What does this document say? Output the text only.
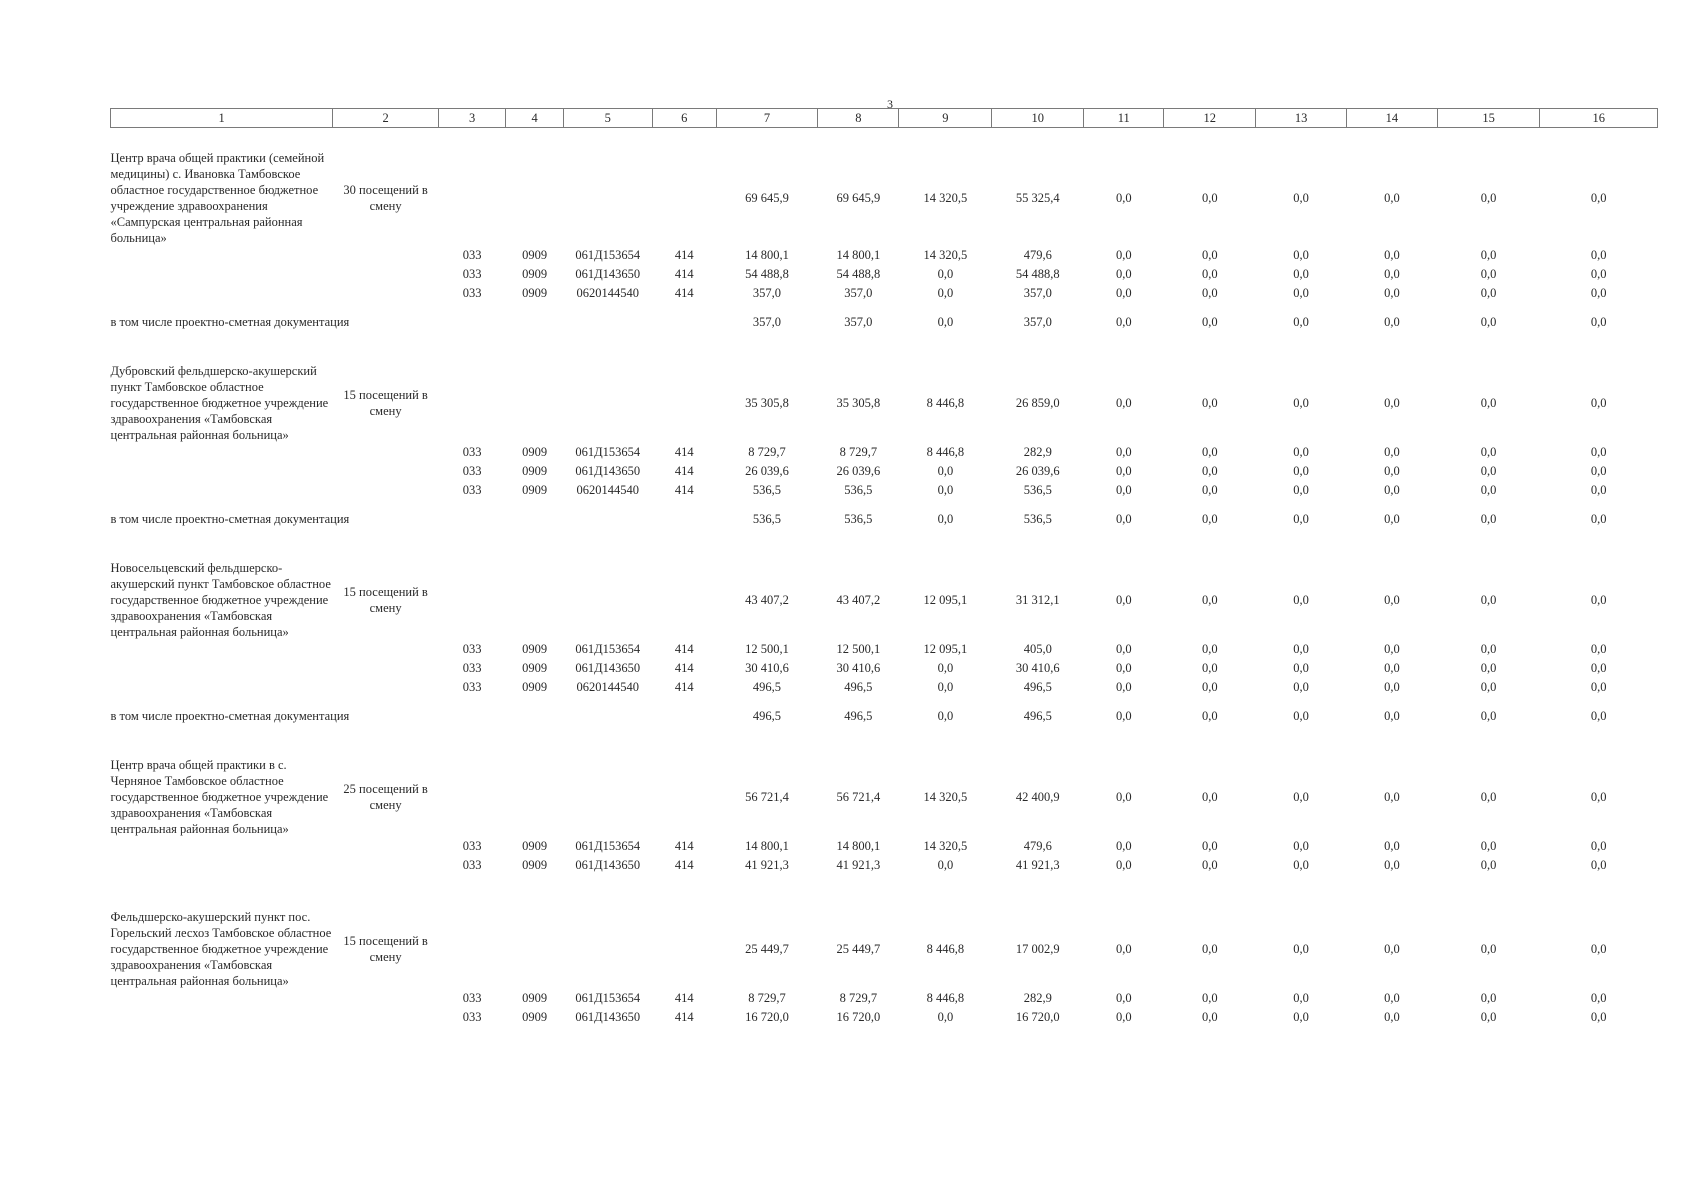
3
1	2	3	4	5	6	7	8	9	10	11	12	13	14	15	16

Центр врача общей практики (семейной медицины) с. Ивановка Тамбовское областное государственное бюджетное учреждение здравоохранения «Сампурская центральная районная больница»	30 посещений в смену					69 645,9	69 645,9	14 320,5	55 325,4	0,0	0,0	0,0	0,0	0,0	0,0
		033	0909	061Д153654	414	14 800,1	14 800,1	14 320,5	479,6	0,0	0,0	0,0	0,0	0,0	0,0
		033	0909	061Д143650	414	54 488,8	54 488,8	0,0	54 488,8	0,0	0,0	0,0	0,0	0,0	0,0
		033	0909	0620144540	414	357,0	357,0	0,0	357,0	0,0	0,0	0,0	0,0	0,0	0,0
в том числе проектно-сметная документация						357,0	357,0	0,0	357,0	0,0	0,0	0,0	0,0	0,0	0,0

Дубровский фельдшерско-акушерский пункт Тамбовское областное государственное бюджетное учреждение здравоохранения «Тамбовская центральная районная больница»	15 посещений в смену					35 305,8	35 305,8	8 446,8	26 859,0	0,0	0,0	0,0	0,0	0,0	0,0
		033	0909	061Д153654	414	8 729,7	8 729,7	8 446,8	282,9	0,0	0,0	0,0	0,0	0,0	0,0
		033	0909	061Д143650	414	26 039,6	26 039,6	0,0	26 039,6	0,0	0,0	0,0	0,0	0,0	0,0
		033	0909	0620144540	414	536,5	536,5	0,0	536,5	0,0	0,0	0,0	0,0	0,0	0,0
в том числе проектно-сметная документация						536,5	536,5	0,0	536,5	0,0	0,0	0,0	0,0	0,0	0,0

Новосельцевский фельдшерско-акушерский пункт Тамбовское областное государственное бюджетное учреждение здравоохранения «Тамбовская центральная районная больница»	15 посещений в смену					43 407,2	43 407,2	12 095,1	31 312,1	0,0	0,0	0,0	0,0	0,0	0,0
		033	0909	061Д153654	414	12 500,1	12 500,1	12 095,1	405,0	0,0	0,0	0,0	0,0	0,0	0,0
		033	0909	061Д143650	414	30 410,6	30 410,6	0,0	30 410,6	0,0	0,0	0,0	0,0	0,0	0,0
		033	0909	0620144540	414	496,5	496,5	0,0	496,5	0,0	0,0	0,0	0,0	0,0	0,0
в том числе проектно-сметная документация						496,5	496,5	0,0	496,5	0,0	0,0	0,0	0,0	0,0	0,0

Центр врача общей практики в с. Черняное Тамбовское областное государственное бюджетное учреждение здравоохранения «Тамбовская центральная районная больница»	25 посещений в смену					56 721,4	56 721,4	14 320,5	42 400,9	0,0	0,0	0,0	0,0	0,0	0,0
		033	0909	061Д153654	414	14 800,1	14 800,1	14 320,5	479,6	0,0	0,0	0,0	0,0	0,0	0,0
		033	0909	061Д143650	414	41 921,3	41 921,3	0,0	41 921,3	0,0	0,0	0,0	0,0	0,0	0,0

Фельдшерско-акушерский пункт пос. Горельский лесхоз Тамбовское областное государственное бюджетное учреждение здравоохранения «Тамбовская центральная районная больница»	15 посещений в смену					25 449,7	25 449,7	8 446,8	17 002,9	0,0	0,0	0,0	0,0	0,0	0,0
		033	0909	061Д153654	414	8 729,7	8 729,7	8 446,8	282,9	0,0	0,0	0,0	0,0	0,0	0,0
		033	0909	061Д143650	414	16 720,0	16 720,0	0,0	16 720,0	0,0	0,0	0,0	0,0	0,0	0,0
